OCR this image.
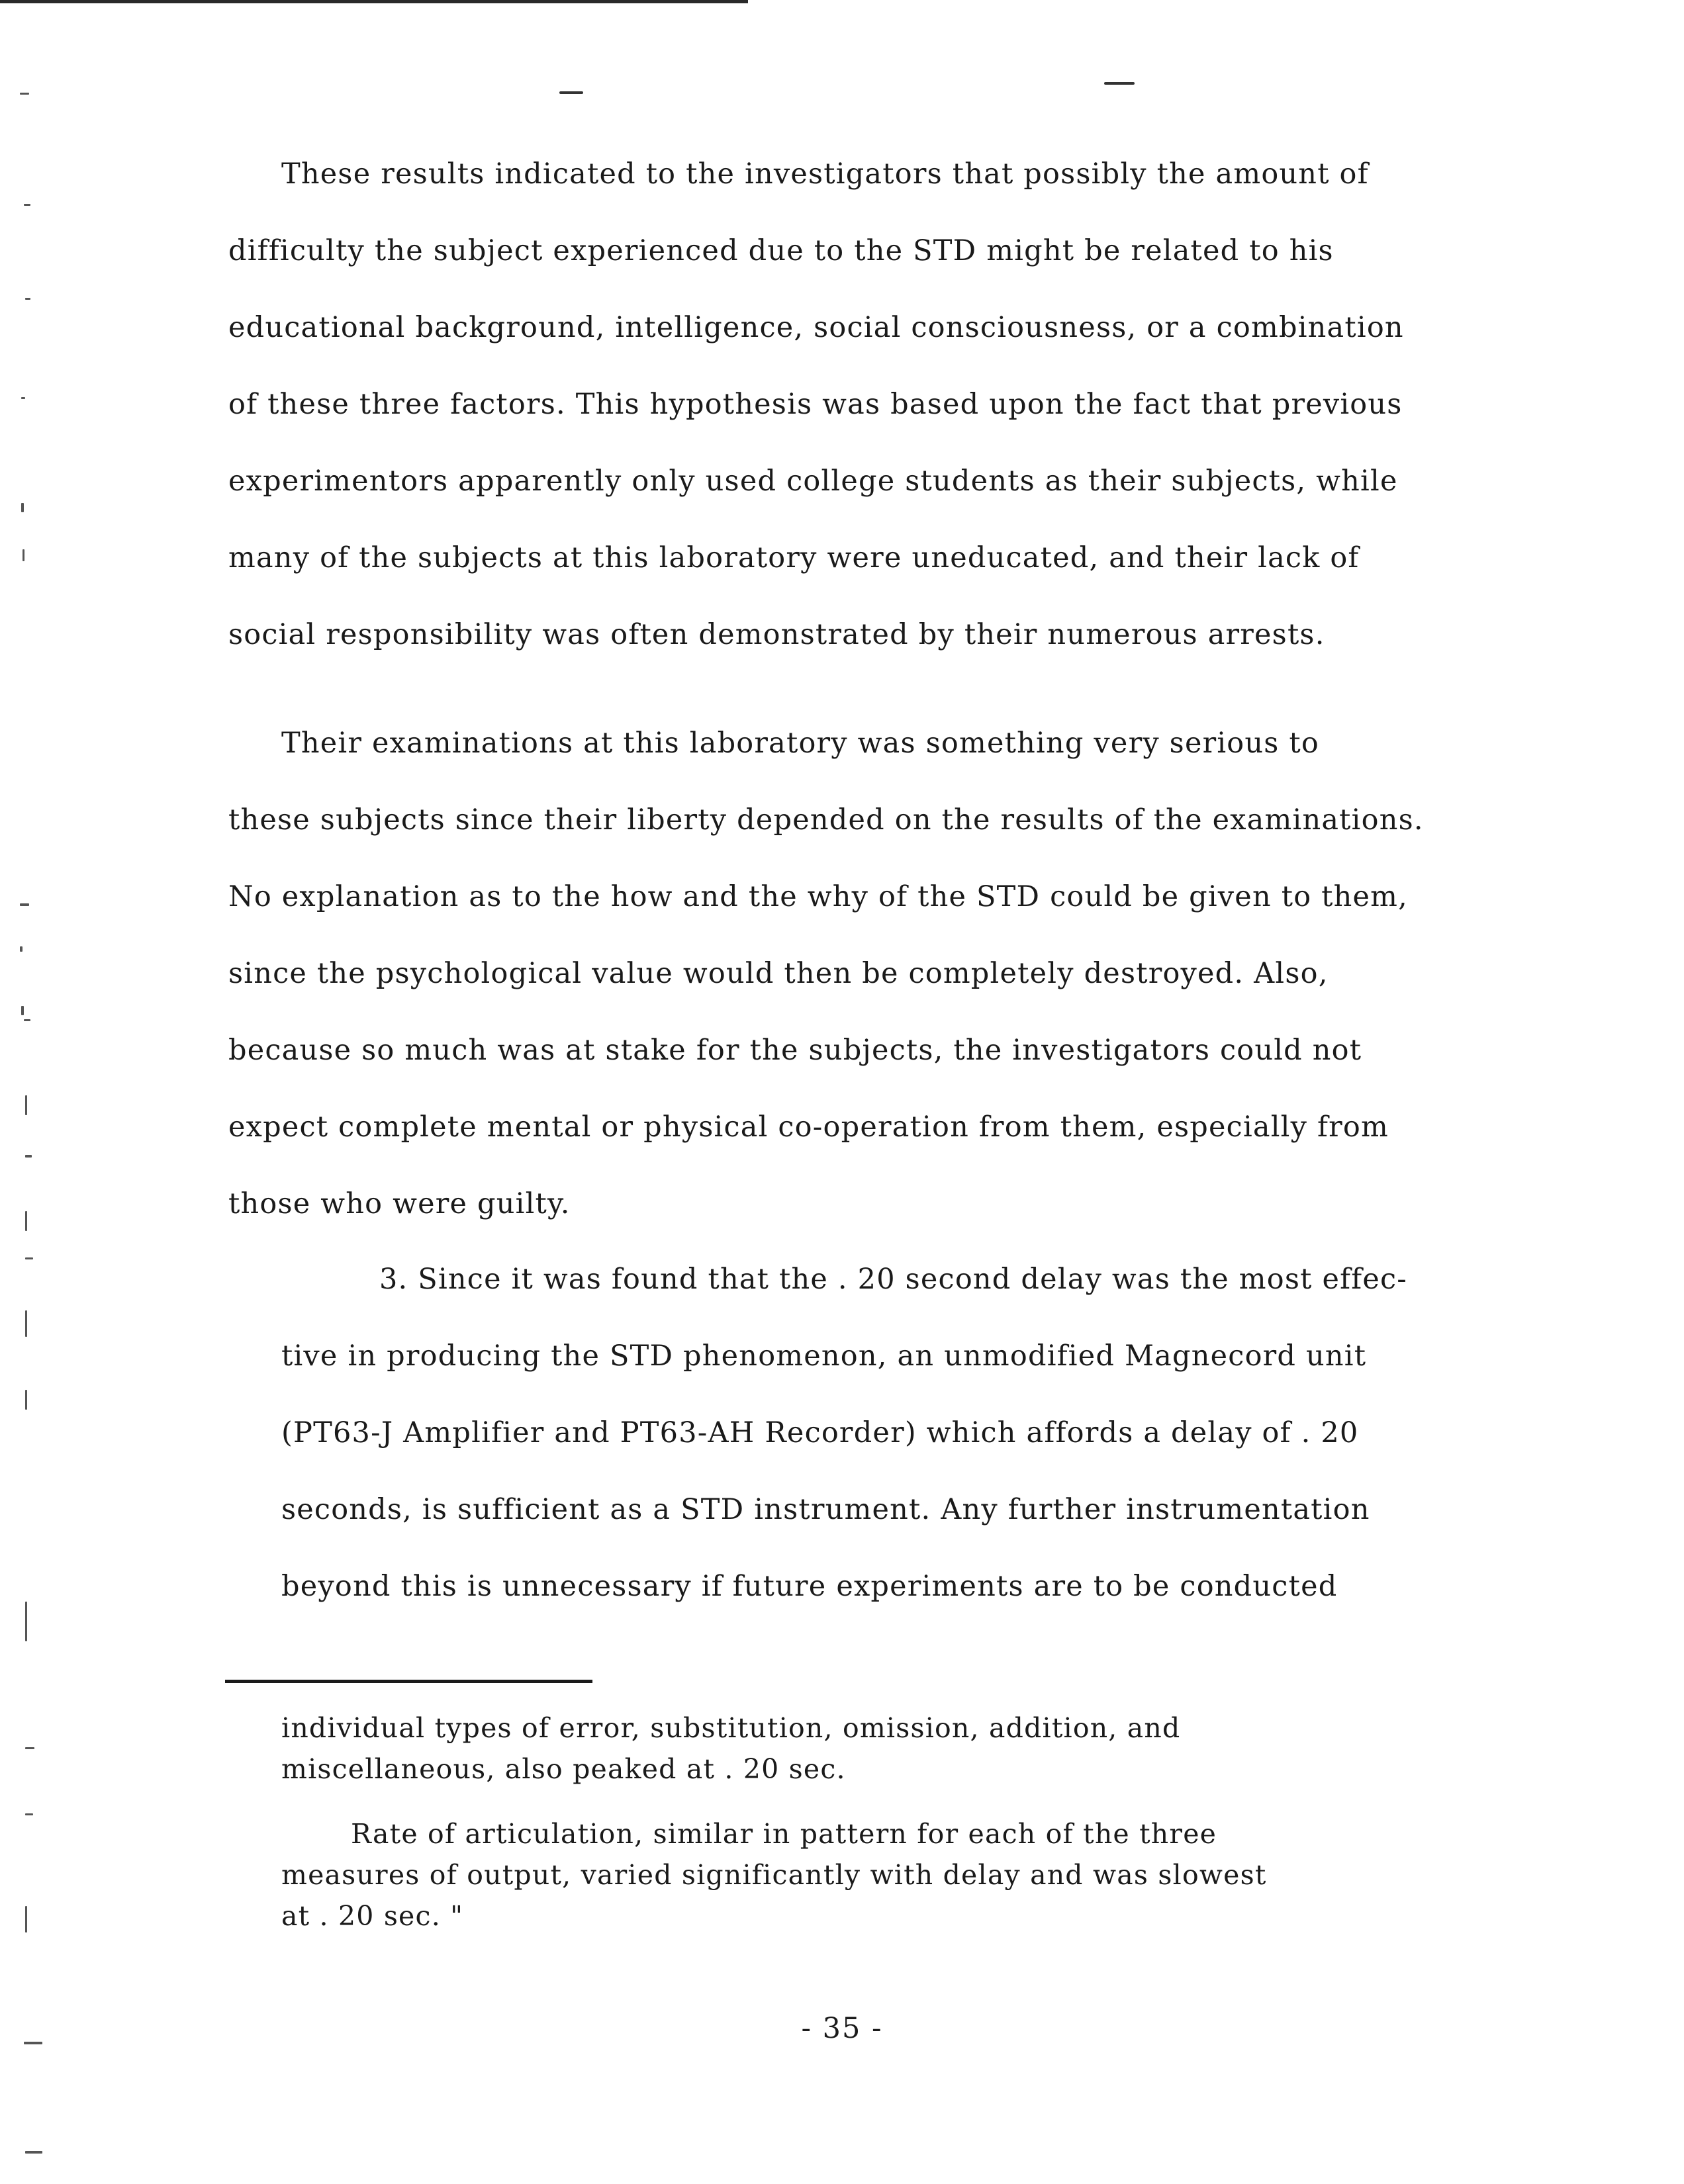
These results indicated to the investigators that possibly the amount of
difficulty the subject experienced due to the STD might be related to his
educational background, intelligence, social consciousness, or a combination
of these three factors. This hypothesis was based upon the fact that previous
experimentors apparently only used college students as their subjects, while
many of the subjects at this laboratory were uneducated, and their lack of
social responsibility was often demonstrated by their numerous arrests.
Their examinations at this laboratory was something very serious to
these subjects since their liberty depended on the results of the examinations.
No explanation as to the how and the why of the STD could be given to them,
since the psychological value would then be completely destroyed. Also,
because so much was at stake for the subjects, the investigators could not
expect complete mental or physical co-operation from them, especially from
those who were guilty.
3. Since it was found that the . 20 second delay was the most effec-
tive in producing the STD phenomenon, an unmodified Magnecord unit
(PT63-J Amplifier and PT63-AH Recorder) which affords a delay of . 20
seconds, is sufficient as a STD instrument. Any further instrumentation
beyond this is unnecessary if future experiments are to be conducted
individual types of error, substitution, omission, addition, and
miscellaneous, also peaked at . 20 sec.
Rate of articulation, similar in pattern for each of the three
measures of output, varied significantly with delay and was slowest
at . 20 sec. "
- 35 -
